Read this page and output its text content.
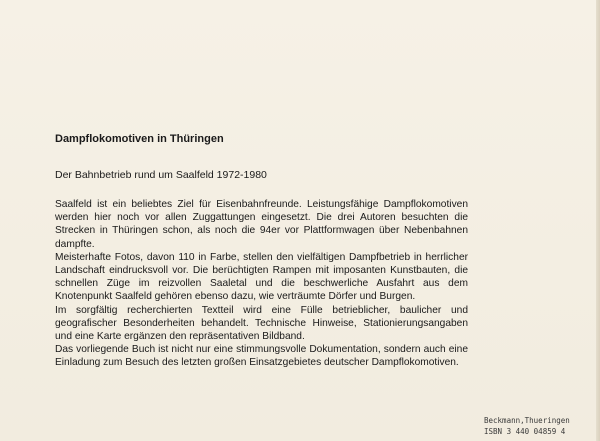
Dampflokomotiven in Thüringen
Der Bahnbetrieb rund um Saalfeld 1972-1980

Saalfeld ist ein beliebtes Ziel für Eisenbahnfreunde. Leistungsfähige Dampflokomotiven werden hier noch vor allen Zuggattungen eingesetzt. Die drei Autoren besuchten die Strecken in Thüringen schon, als noch die 94er vor Plattformwagen über Nebenbahnen dampfte.

Meisterhafte Fotos, davon 110 in Farbe, stellen den vielfältigen Dampfbetrieb in herrlicher Landschaft eindrucksvoll vor. Die berüchtigten Rampen mit imposanten Kunstbauten, die schnellen Züge im reizvollen Saaletal und die beschwerliche Ausfahrt aus dem Knotenpunkt Saalfeld gehören ebenso dazu, wie verträumte Dörfer und Burgen.

Im sorgfältig recherchierten Textteil wird eine Fülle betrieblicher, baulicher und geografischer Besonderheiten behandelt. Technische Hinweise, Stationierungsangaben und eine Karte ergänzen den repräsentativen Bildband.

Das vorliegende Buch ist nicht nur eine stimmungsvolle Dokumentation, sondern auch eine Einladung zum Besuch des letzten großen Einsatzgebietes deutscher Dampflokomotiven.

Beckmann,Thueringen
ISBN 3 440 04859 4
